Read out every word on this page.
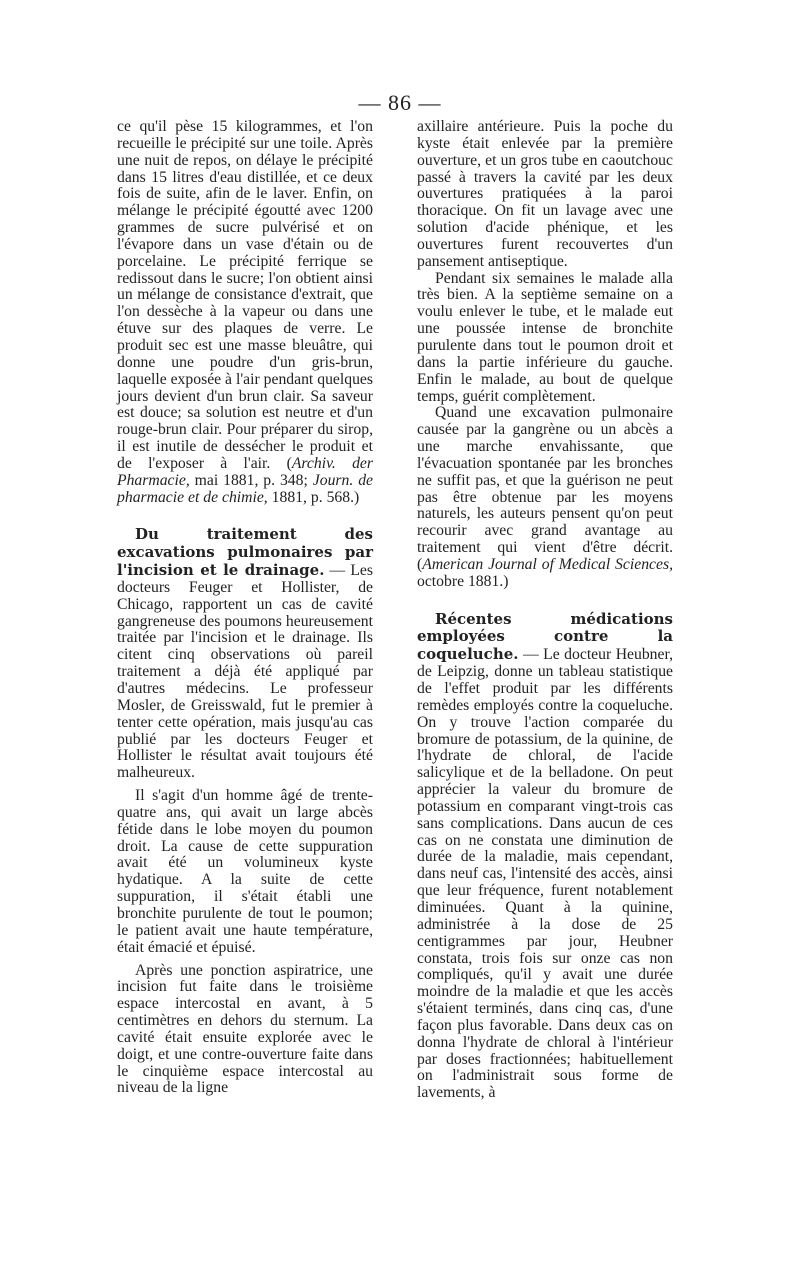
— 86 —

ce qu'il pèse 15 kilogrammes, et l'on recueille le précipité sur une toile. Après une nuit de repos, on délaye le précipité dans 15 litres d'eau distillée, et ce deux fois de suite, afin de le laver. Enfin, on mélange le précipité égoutté avec 1200 grammes de sucre pulvérisé et on l'évapore dans un vase d'étain ou de porcelaine. Le précipité ferrique se redissout dans le sucre; l'on obtient ainsi un mélange de consistance d'extrait, que l'on dessèche à la vapeur ou dans une étuve sur des plaques de verre. Le produit sec est une masse bleuâtre, qui donne une poudre d'un gris-brun, laquelle exposée à l'air pendant quelques jours devient d'un brun clair. Sa saveur est douce; sa solution est neutre et d'un rouge-brun clair. Pour préparer du sirop, il est inutile de dessécher le produit et de l'exposer à l'air. (Archiv. der Pharmacie, mai 1881, p. 348; Journ. de pharmacie et de chimie, 1881, p. 568.)

Du traitement des excavations pulmonaires par l'incision et le drainage. — Les docteurs Feuger et Hollister, de Chicago, rapportent un cas de cavité gangreneuse des poumons heureusement traitée par l'incision et le drainage. Ils citent cinq observations où pareil traitement a déjà été appliqué par d'autres médecins. Le professeur Mosler, de Greisswald, fut le premier à tenter cette opération, mais jusqu'au cas publié par les docteurs Feuger et Hollister le résultat avait toujours été malheureux.

Il s'agit d'un homme âgé de trente-quatre ans, qui avait un large abcès fétide dans le lobe moyen du poumon droit. La cause de cette suppuration avait été un volumineux kyste hydatique. A la suite de cette suppuration, il s'était établi une bronchite purulente de tout le poumon; le patient avait une haute température, était émacié et épuisé.

Après une ponction aspiratrice, une incision fut faite dans le troisième espace intercostal en avant, à 5 centimètres en dehors du sternum. La cavité était ensuite explorée avec le doigt, et une contre-ouverture faite dans le cinquième espace intercostal au niveau de la ligne

axillaire antérieure. Puis la poche du kyste était enlevée par la première ouverture, et un gros tube en caoutchouc passé à travers la cavité par les deux ouvertures pratiquées à la paroi thoracique. On fit un lavage avec une solution d'acide phénique, et les ouvertures furent recouvertes d'un pansement antiseptique.

Pendant six semaines le malade alla très bien. A la septième semaine on a voulu enlever le tube, et le malade eut une poussée intense de bronchite purulente dans tout le poumon droit et dans la partie inférieure du gauche. Enfin le malade, au bout de quelque temps, guérit complètement.

Quand une excavation pulmonaire causée par la gangrène ou un abcès a une marche envahissante, que l'évacuation spontanée par les bronches ne suffit pas, et que la guérison ne peut pas être obtenue par les moyens naturels, les auteurs pensent qu'on peut recourir avec grand avantage au traitement qui vient d'être décrit. (American Journal of Medical Sciences, octobre 1881.)

Récentes médications employées contre la coqueluche. — Le docteur Heubner, de Leipzig, donne un tableau statistique de l'effet produit par les différents remèdes employés contre la coqueluche. On y trouve l'action comparée du bromure de potassium, de la quinine, de l'hydrate de chloral, de l'acide salicylique et de la belladone. On peut apprécier la valeur du bromure de potassium en comparant vingt-trois cas sans complications. Dans aucun de ces cas on ne constata une diminution de durée de la maladie, mais cependant, dans neuf cas, l'intensité des accès, ainsi que leur fréquence, furent notablement diminuées. Quant à la quinine, administrée à la dose de 25 centigrammes par jour, Heubner constata, trois fois sur onze cas non compliqués, qu'il y avait une durée moindre de la maladie et que les accès s'étaient terminés, dans cinq cas, d'une façon plus favorable. Dans deux cas on donna l'hydrate de chloral à l'intérieur par doses fractionnées; habituellement on l'administrait sous forme de lavements, à
